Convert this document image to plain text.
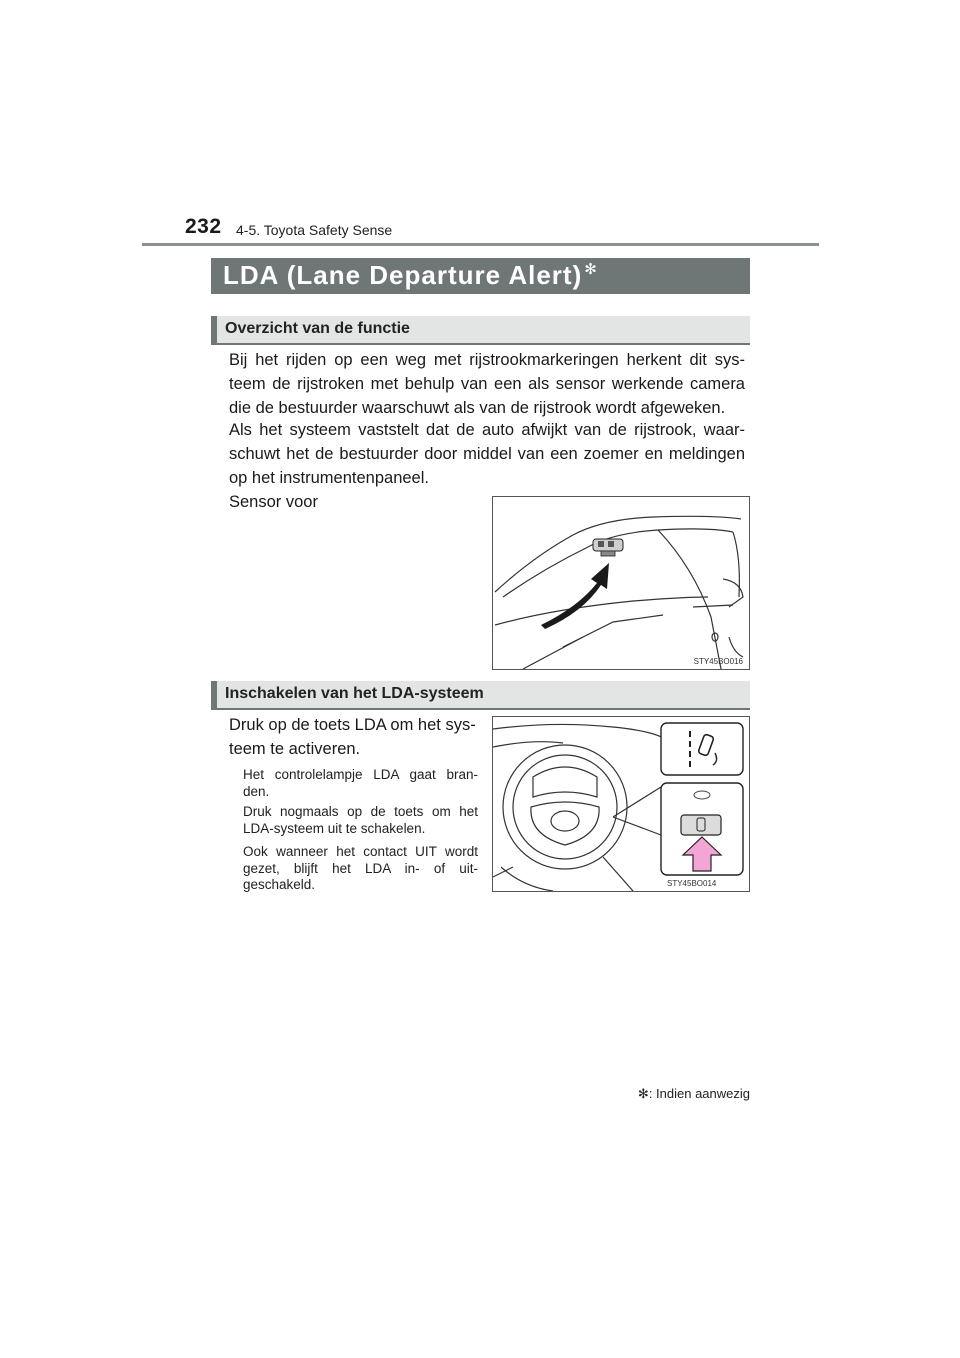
232 4-5. Toyota Safety Sense
LDA (Lane Departure Alert) ✻
Overzicht van de functie
Bij het rijden op een weg met rijstrookmarkeringen herkent dit sys- teem de rijstroken met behulp van een als sensor werkende camera die de bestuurder waarschuwt als van de rijstrook wordt afgeweken.
Als het systeem vaststelt dat de auto afwijkt van de rijstrook, waar- schuwt het de bestuurder door middel van een zoemer en meldingen op het instrumentenpaneel.
Sensor voor
STY45BO016
Inschakelen van het LDA-systeem
Druk op de toets LDA om het sys- teem te activeren.
Het controlelampje LDA gaat bran- den.
Druk nogmaals op de toets om het LDA-systeem uit te schakelen.
Ook wanneer het contact UIT wordt gezet, blijft het LDA in- of uit- geschakeld.	STY45BO014
✻: Indien aanwezig
